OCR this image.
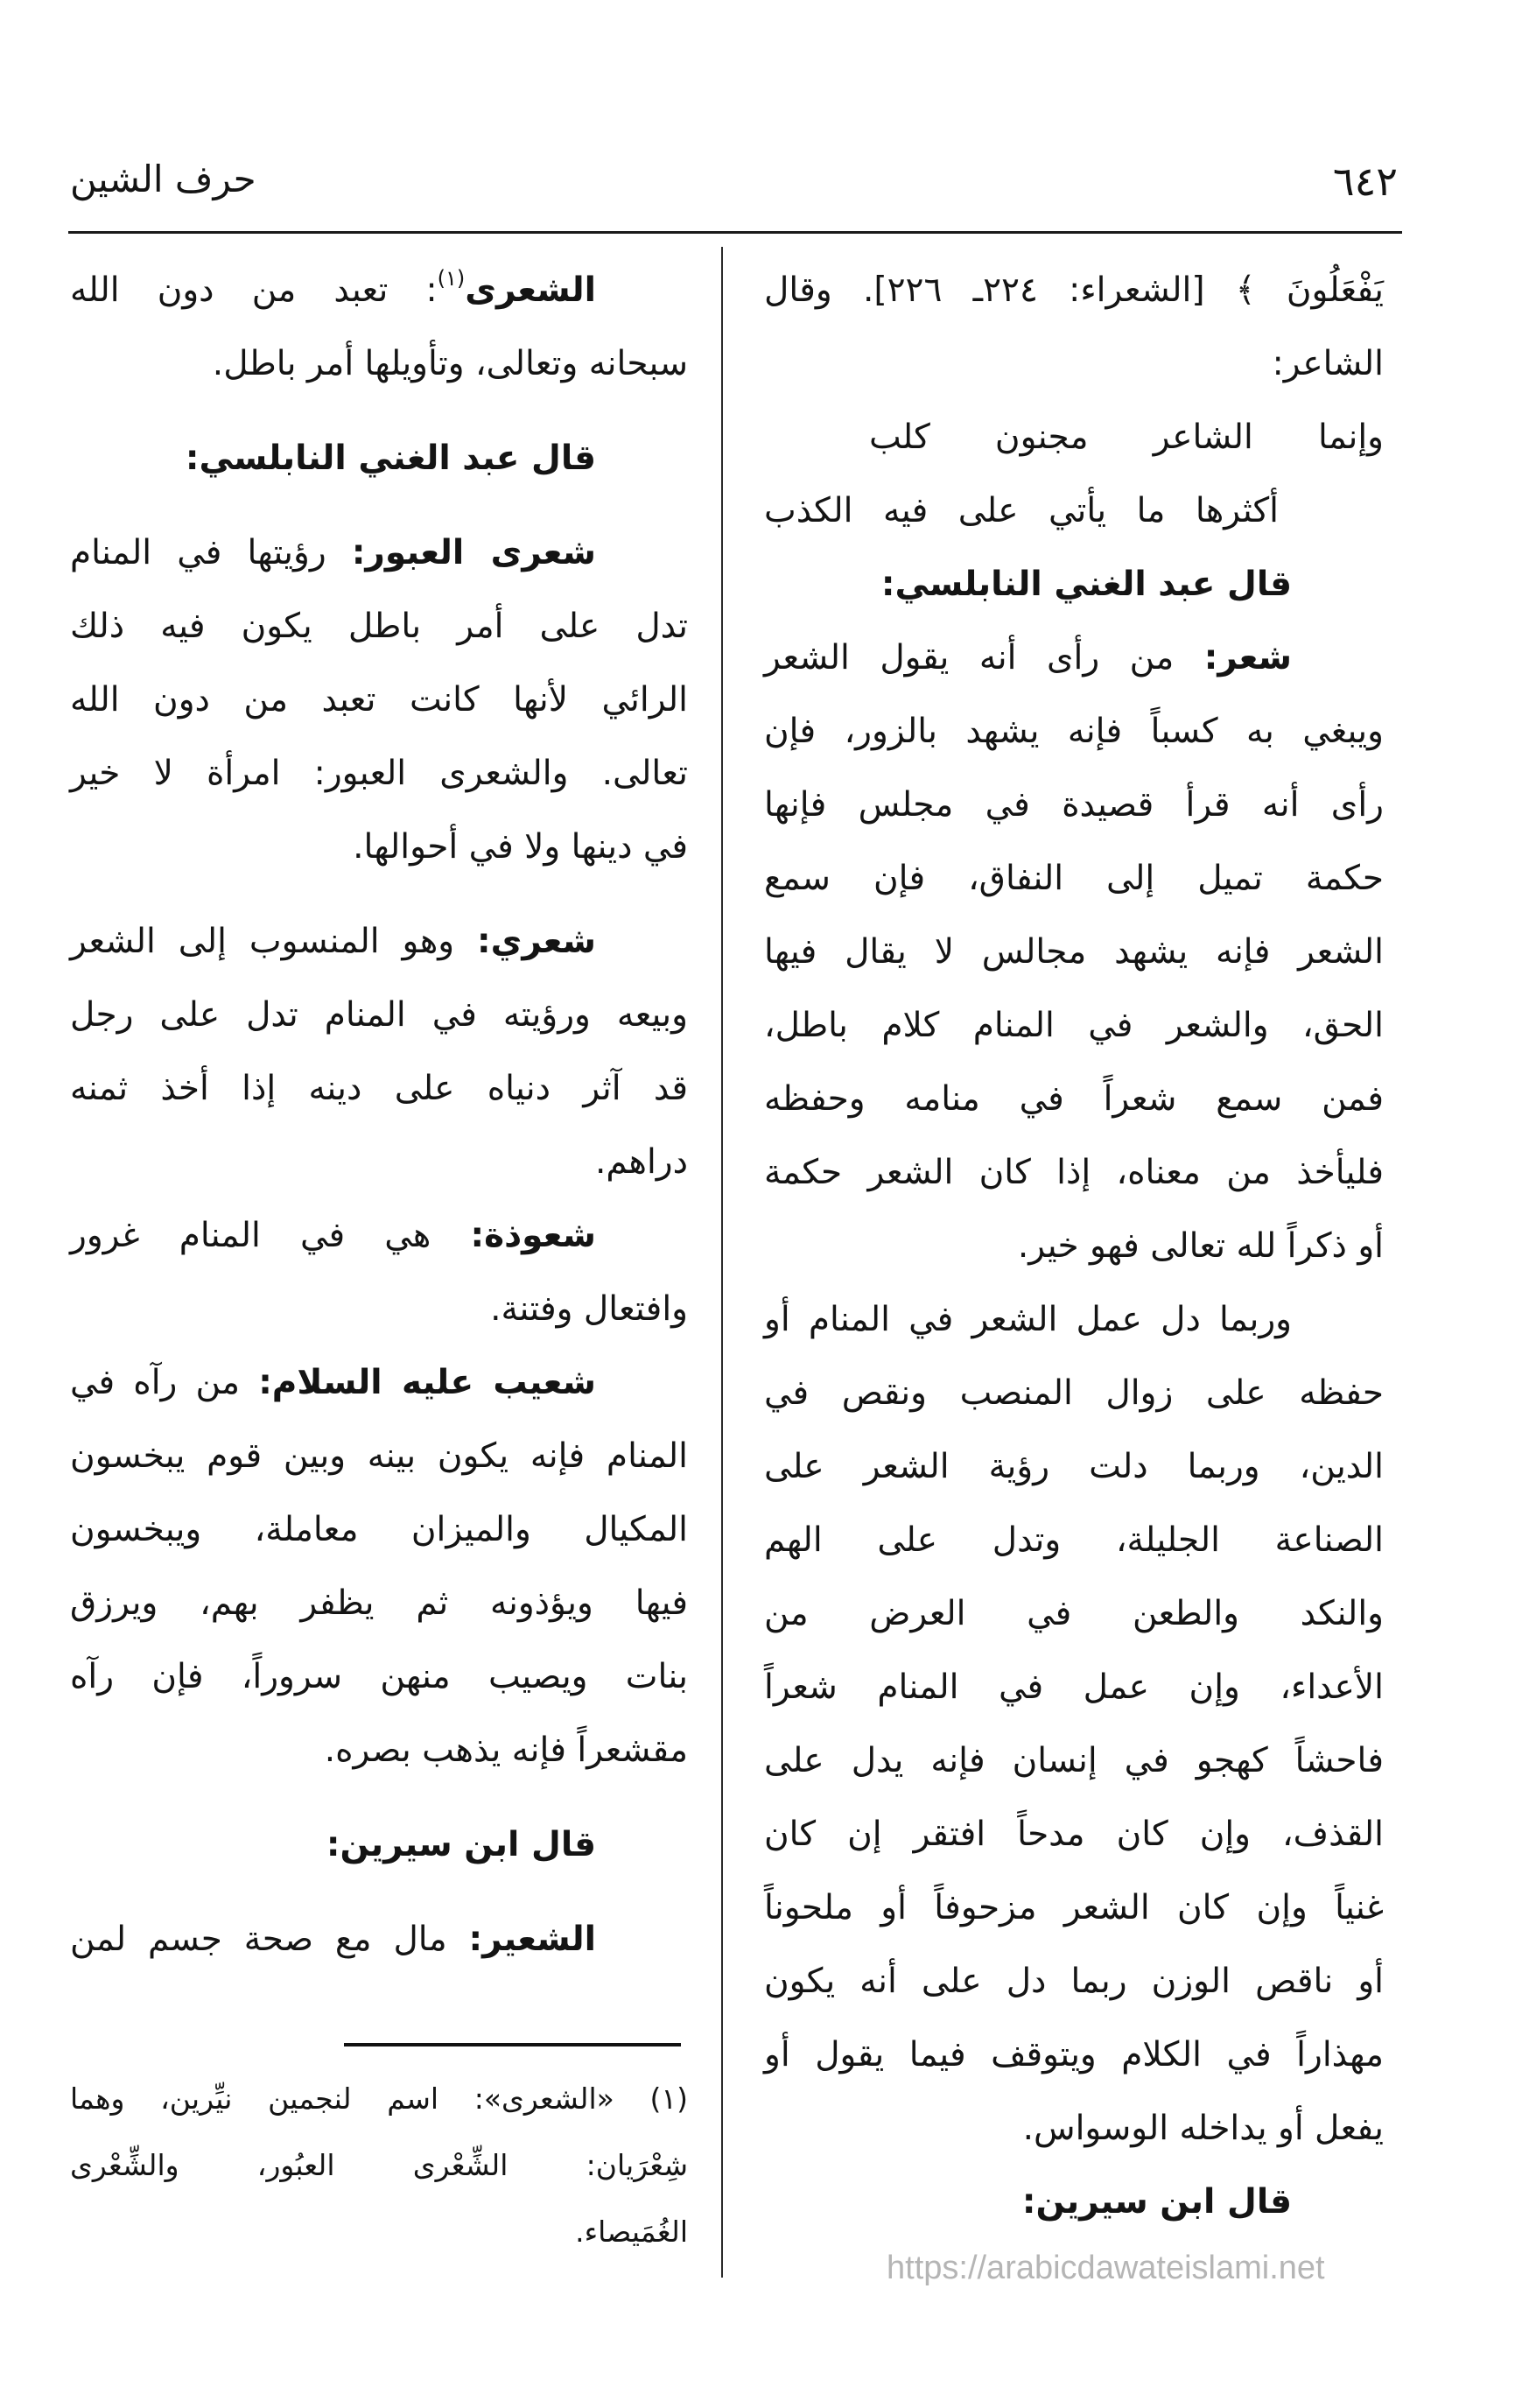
٦٤٢
حرف الشين
يَفْعَلُونَ ﴾ [الشعراء: ٢٢٤ـ ٢٢٦]. وقال
الشاعر:
وإنما الشاعر مجنون كلب
أكثرها ما يأتي على فيه الكذب
قال عبد الغني النابلسي:
شعر: من رأى أنه يقول الشعر
ويبغي به كسباً فإنه يشهد بالزور، فإن
رأى أنه قرأ قصيدة في مجلس فإنها
حكمة تميل إلى النفاق، فإن سمع
الشعر فإنه يشهد مجالس لا يقال فيها
الحق، والشعر في المنام كلام باطل،
فمن سمع شعراً في منامه وحفظه
فليأخذ من معناه، إذا كان الشعر حكمة
أو ذكراً لله تعالى فهو خير.
وربما دل عمل الشعر في المنام أو
حفظه على زوال المنصب ونقص في
الدين، وربما دلت رؤية الشعر على
الصناعة الجليلة، وتدل على الهم
والنكد والطعن في العرض من
الأعداء، وإن عمل في المنام شعراً
فاحشاً كهجو في إنسان فإنه يدل على
القذف، وإن كان مدحاً افتقر إن كان
غنياً وإن كان الشعر مزحوفاً أو ملحوناً
أو ناقص الوزن ربما دل على أنه يكون
مهذاراً في الكلام ويتوقف فيما يقول أو
يفعل أو يداخله الوسواس.
قال ابن سيرين:
الشعرى$^{(١)}$: تعبد من دون الله
سبحانه وتعالى، وتأويلها أمر باطل.
قال عبد الغني النابلسي:
شعرى العبور: رؤيتها في المنام
تدل على أمر باطل يكون فيه ذلك
الرائي لأنها كانت تعبد من دون الله
تعالى. والشعرى العبور: امرأة لا خير
في دينها ولا في أحوالها.
شعري: وهو المنسوب إلى الشعر
وبيعه ورؤيته في المنام تدل على رجل
قد آثر دنياه على دينه إذا أخذ ثمنه
دراهم.
شعوذة: هي في المنام غرور
وافتعال وفتنة.
شعيب عليه السلام: من رآه في
المنام فإنه يكون بينه وبين قوم يبخسون
المكيال والميزان معاملة، ويبخسون
فيها ويؤذونه ثم يظفر بهم، ويرزق
بنات ويصيب منهن سروراً، فإن رآه
مقشعراً فإنه يذهب بصره.
قال ابن سيرين:
الشعير: مال مع صحة جسم لمن
(١) «الشعرى»: اسم لنجمين نيِّرين، وهما
شِعْرَيان: الشِّعْرى العبُور، والشِّعْرى
الغُمَيصاء.
https://arabicdawateislami.net
